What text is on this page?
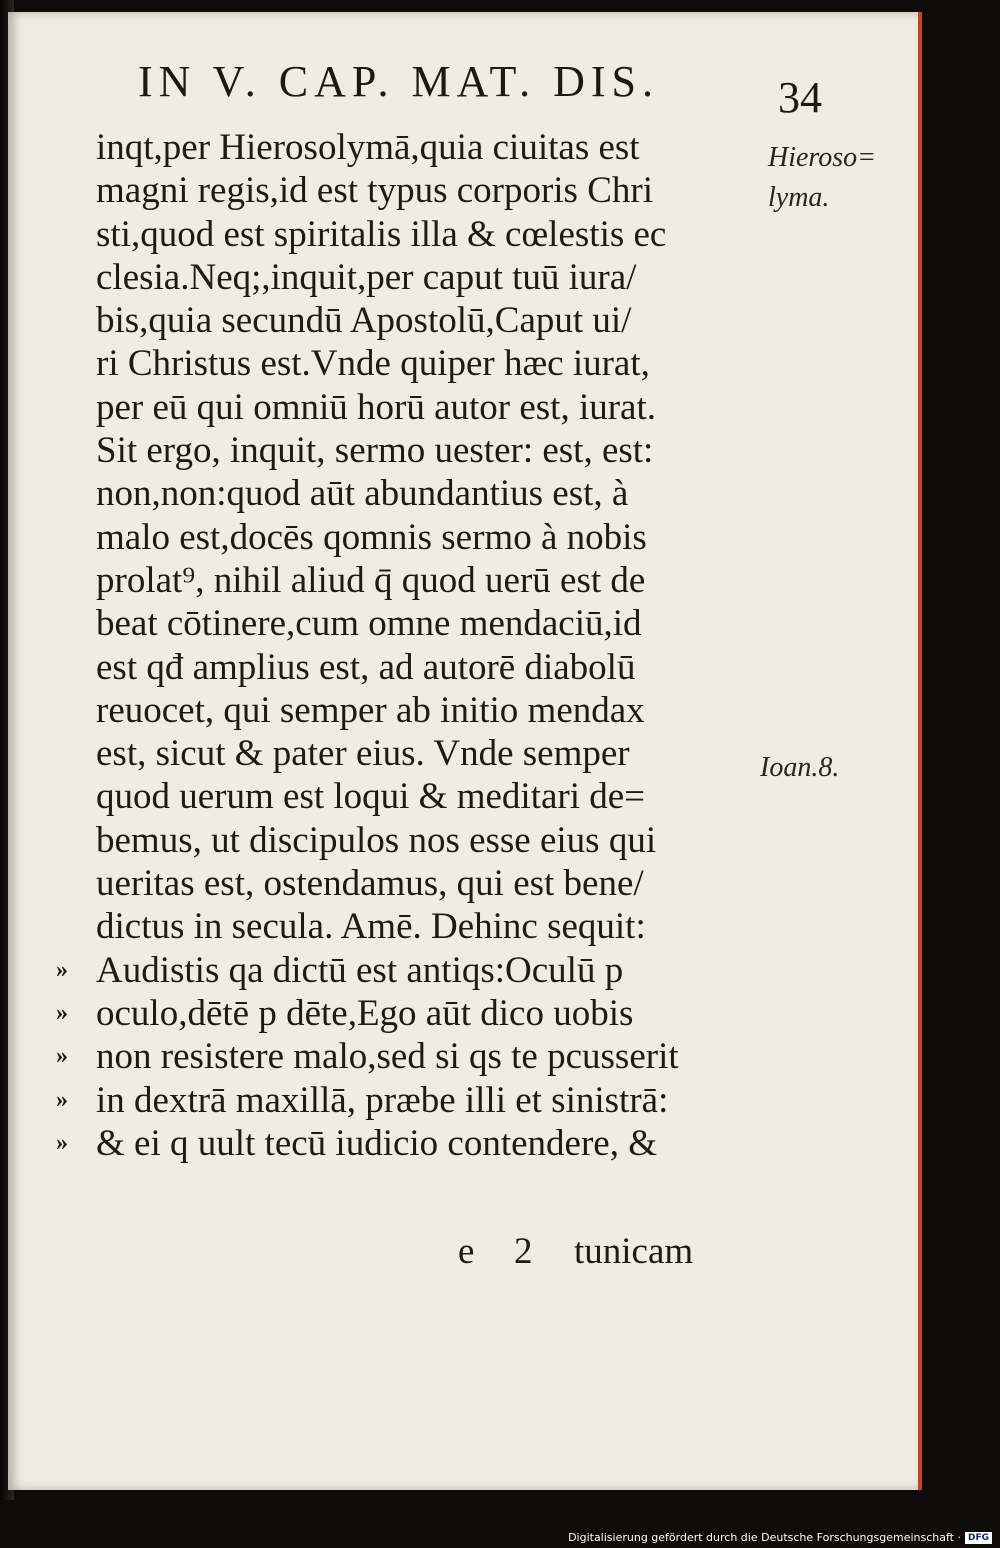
IN V. CAP. MAT. DIS.	34
Hieroso= lyma.
Ioan.8.
inqt,per Hierosolymā,quia ciuitas est
magni regis,id est typus corporis Chri
sti,quod est spiritalis illa & cœlestis ec
clesia.Neq;,inquit,per caput tuū iura/
bis,quia secundū Apostolū,Caput ui/
ri Christus est.Vnde quiper hæc iurat,
per eū qui omniū horū autor est, iurat.
Sit ergo, inquit, sermo uester: est, est:
non,non:quod aūt abundantius est, à
malo est,docēs qomnis sermo à nobis
prolat⁹, nihil aliud q̄ quod uerū est de
beat cōtinere,cum omne mendaciū,id
est qđ amplius est, ad autorē diabolū
reuocet, qui semper ab initio mendax
est, sicut & pater eius. Vnde semper
quod uerum est loqui & meditari de=
bemus, ut discipulos nos esse eius qui
ueritas est, ostendamus, qui est bene/
dictus in secula. Amē. Dehinc sequit:
» Audistis qa dictū est antiqs:Oculū p
» oculo,dētē p dēte,Ego aūt dico uobis
» non resistere malo,sed si qs te pcusserit
» in dextrā maxillā, præbe illi et sinistrā:
» & ei q uult tecū iudicio contendere, &
e 2 tunicam
Digitalisierung gefördert durch die Deutsche Forschungsgemeinschaft · DFG
